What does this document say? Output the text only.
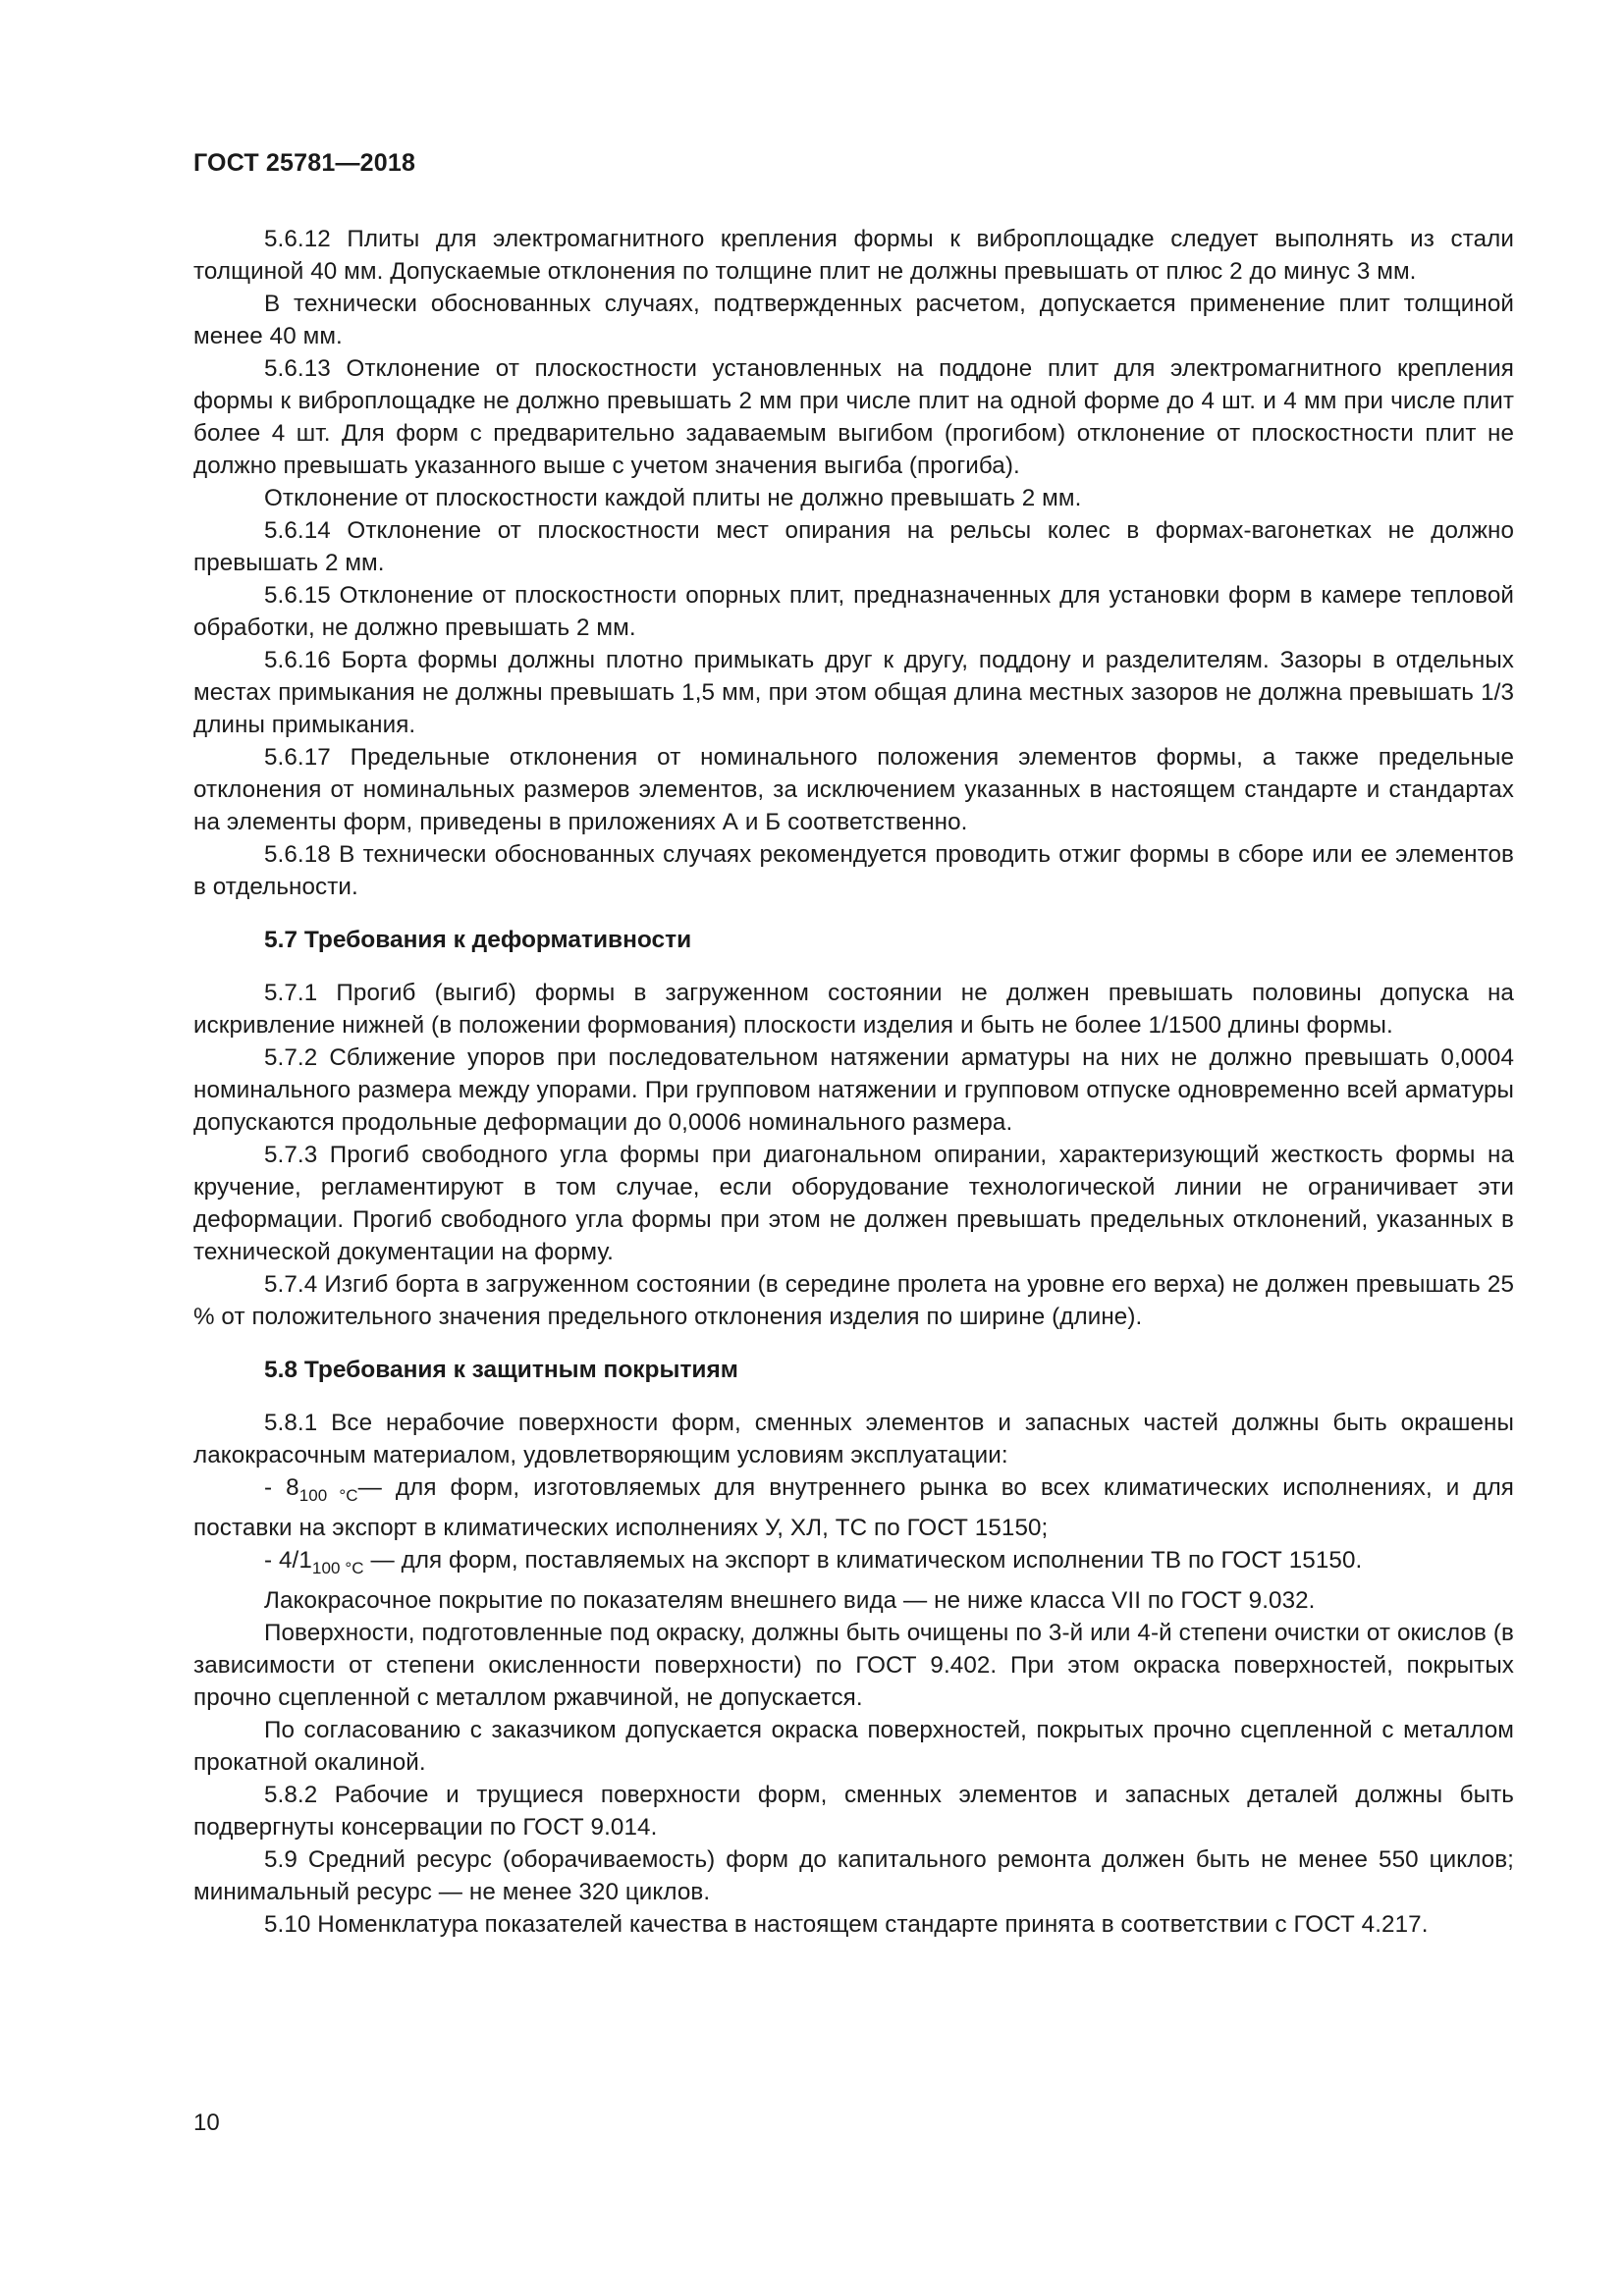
ГОСТ 25781—2018

5.6.12 Плиты для электромагнитного крепления формы к виброплощадке следует выполнять из стали толщиной 40 мм. Допускаемые отклонения по толщине плит не должны превышать от плюс 2 до минус 3 мм.

В технически обоснованных случаях, подтвержденных расчетом, допускается применение плит толщиной менее 40 мм.

5.6.13 Отклонение от плоскостности установленных на поддоне плит для электромагнитного крепления формы к виброплощадке не должно превышать 2 мм при числе плит на одной форме до 4 шт. и 4 мм при числе плит более 4 шт. Для форм с предварительно задаваемым выгибом (прогибом) отклонение от плоскостности плит не должно превышать указанного выше с учетом значения выгиба (прогиба).

Отклонение от плоскостности каждой плиты не должно превышать 2 мм.

5.6.14 Отклонение от плоскостности мест опирания на рельсы колес в формах-вагонетках не должно превышать 2 мм.

5.6.15 Отклонение от плоскостности опорных плит, предназначенных для установки форм в камере тепловой обработки, не должно превышать 2 мм.

5.6.16 Борта формы должны плотно примыкать друг к другу, поддону и разделителям. Зазоры в отдельных местах примыкания не должны превышать 1,5 мм, при этом общая длина местных зазоров не должна превышать 1/3 длины примыкания.

5.6.17 Предельные отклонения от номинального положения элементов формы, а также предельные отклонения от номинальных размеров элементов, за исключением указанных в настоящем стандарте и стандартах на элементы форм, приведены в приложениях А и Б соответственно.

5.6.18 В технически обоснованных случаях рекомендуется проводить отжиг формы в сборе или ее элементов в отдельности.

5.7 Требования к деформативности

5.7.1 Прогиб (выгиб) формы в загруженном состоянии не должен превышать половины допуска на искривление нижней (в положении формования) плоскости изделия и быть не более 1/1500 длины формы.

5.7.2 Сближение упоров при последовательном натяжении арматуры на них не должно превышать 0,0004 номинального размера между упорами. При групповом натяжении и групповом отпуске одновременно всей арматуры допускаются продольные деформации до 0,0006 номинального размера.

5.7.3 Прогиб свободного угла формы при диагональном опирании, характеризующий жесткость формы на кручение, регламентируют в том случае, если оборудование технологической линии не ограничивает эти деформации. Прогиб свободного угла формы при этом не должен превышать предельных отклонений, указанных в технической документации на форму.

5.7.4 Изгиб борта в загруженном состоянии (в середине пролета на уровне его верха) не должен превышать 25 % от положительного значения предельного отклонения изделия по ширине (длине).

5.8 Требования к защитным покрытиям

5.8.1 Все нерабочие поверхности форм, сменных элементов и запасных частей должны быть окрашены лакокрасочным материалом, удовлетворяющим условиям эксплуатации:

- $8_{100 ^\circ С}—$ для форм, изготовляемых для внутреннего рынка во всех климатических исполнениях, и для поставки на экспорт в климатических исполнениях У, ХЛ, ТС по ГОСТ 15150;

- $4/1_{100 ^\circ С}$ — для форм, поставляемых на экспорт в климатическом исполнении ТВ по ГОСТ 15150.

Лакокрасочное покрытие по показателям внешнего вида — не ниже класса VII по ГОСТ 9.032.

Поверхности, подготовленные под окраску, должны быть очищены по 3-й или 4-й степени очистки от окислов (в зависимости от степени окисленности поверхности) по ГОСТ 9.402. При этом окраска поверхностей, покрытых прочно сцепленной с металлом ржавчиной, не допускается.

По согласованию с заказчиком допускается окраска поверхностей, покрытых прочно сцепленной с металлом прокатной окалиной.

5.8.2 Рабочие и трущиеся поверхности форм, сменных элементов и запасных деталей должны быть подвергнуты консервации по ГОСТ 9.014.

5.9 Средний ресурс (оборачиваемость) форм до капитального ремонта должен быть не менее 550 циклов; минимальный ресурс — не менее 320 циклов.

5.10 Номенклатура показателей качества в настоящем стандарте принята в соответствии с ГОСТ 4.217.

10
